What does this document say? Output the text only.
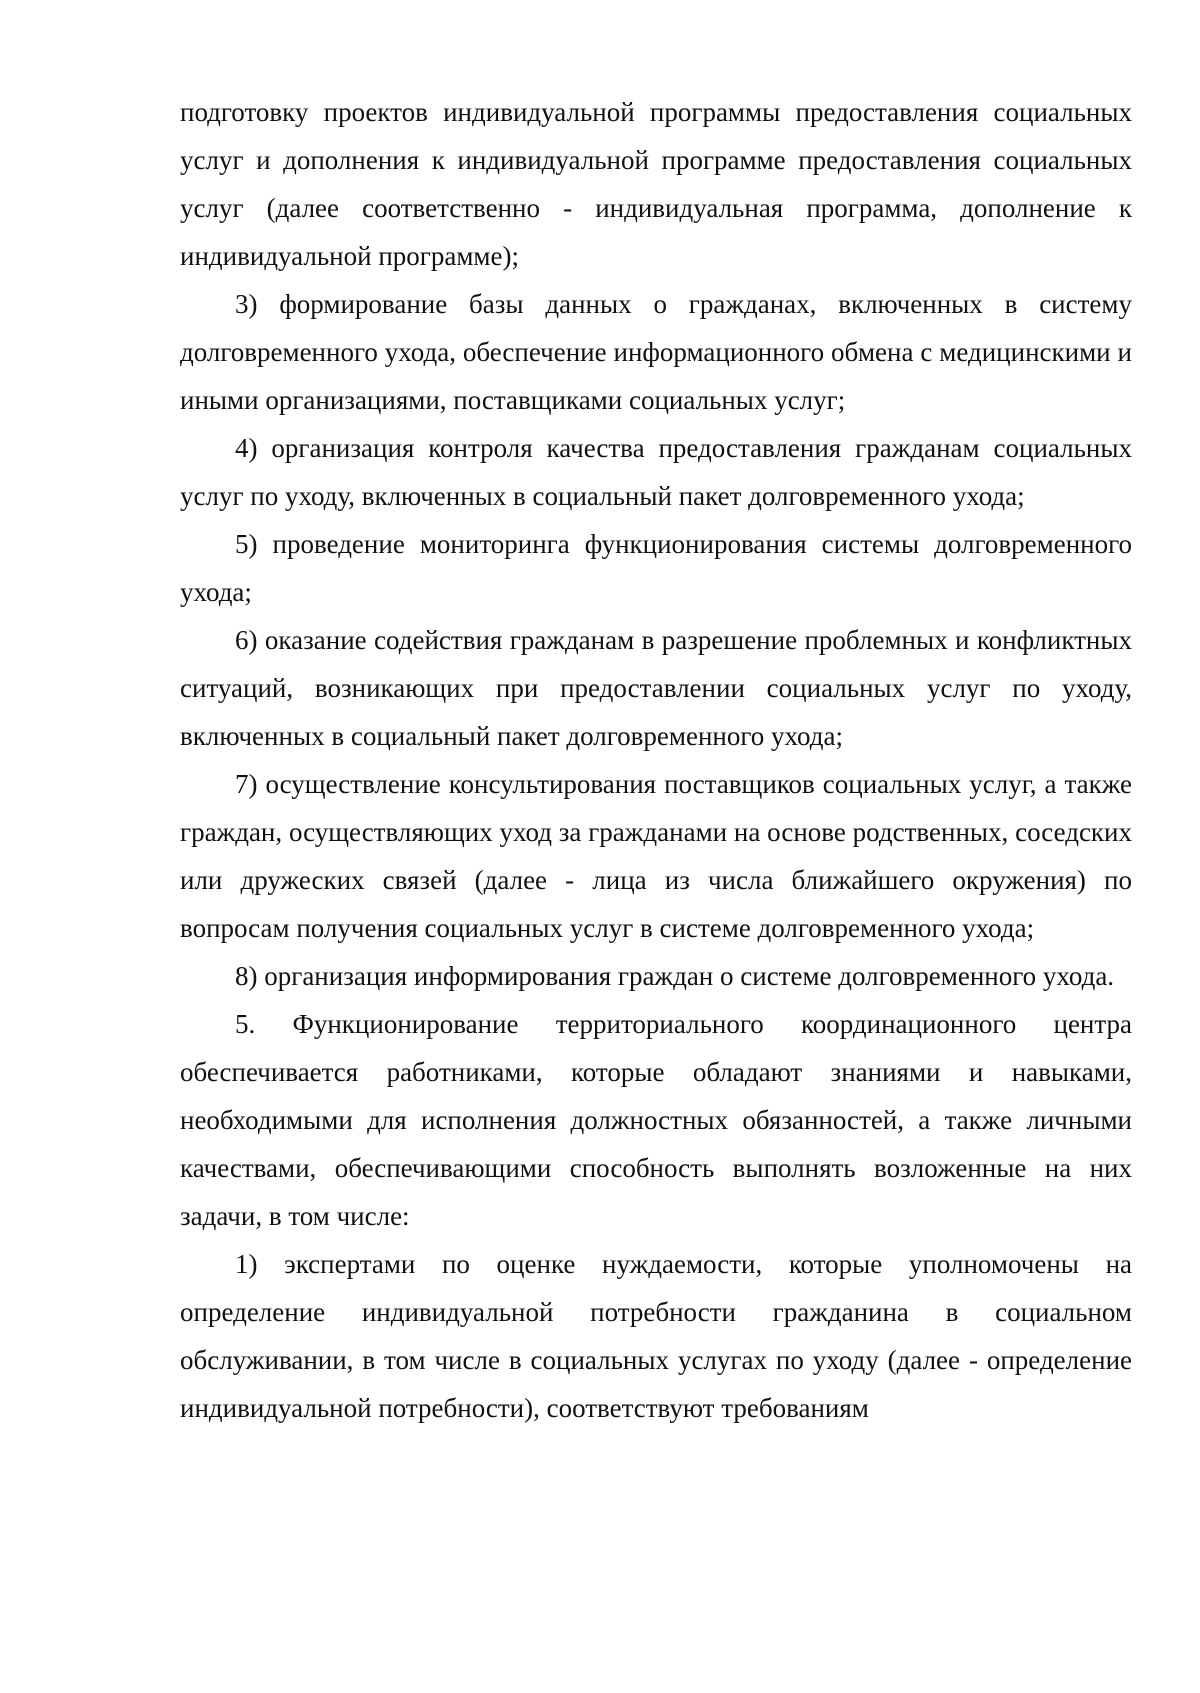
подготовку проектов индивидуальной программы предоставления социальных услуг и дополнения к индивидуальной программе предоставления социальных услуг (далее соответственно - индивидуальная программа, дополнение к индивидуальной программе);

3) формирование базы данных о гражданах, включенных в систему долговременного ухода, обеспечение информационного обмена с медицинскими и иными организациями, поставщиками социальных услуг;

4) организация контроля качества предоставления гражданам социальных услуг по уходу, включенных в социальный пакет долговременного ухода;

5) проведение мониторинга функционирования системы долговременного ухода;

6) оказание содействия гражданам в разрешение проблемных и конфликтных ситуаций, возникающих при предоставлении социальных услуг по уходу, включенных в социальный пакет долговременного ухода;

7) осуществление консультирования поставщиков социальных услуг, а также граждан, осуществляющих уход за гражданами на основе родственных, соседских или дружеских связей (далее - лица из числа ближайшего окружения) по вопросам получения социальных услуг в системе долговременного ухода;

8) организация информирования граждан о системе долговременного ухода.

5. Функционирование территориального координационного центра обеспечивается работниками, которые обладают знаниями и навыками, необходимыми для исполнения должностных обязанностей, а также личными качествами, обеспечивающими способность выполнять возложенные на них задачи, в том числе:

1) экспертами по оценке нуждаемости, которые уполномочены на определение индивидуальной потребности гражданина в социальном обслуживании, в том числе в социальных услугах по уходу (далее - определение индивидуальной потребности), соответствуют требованиям
